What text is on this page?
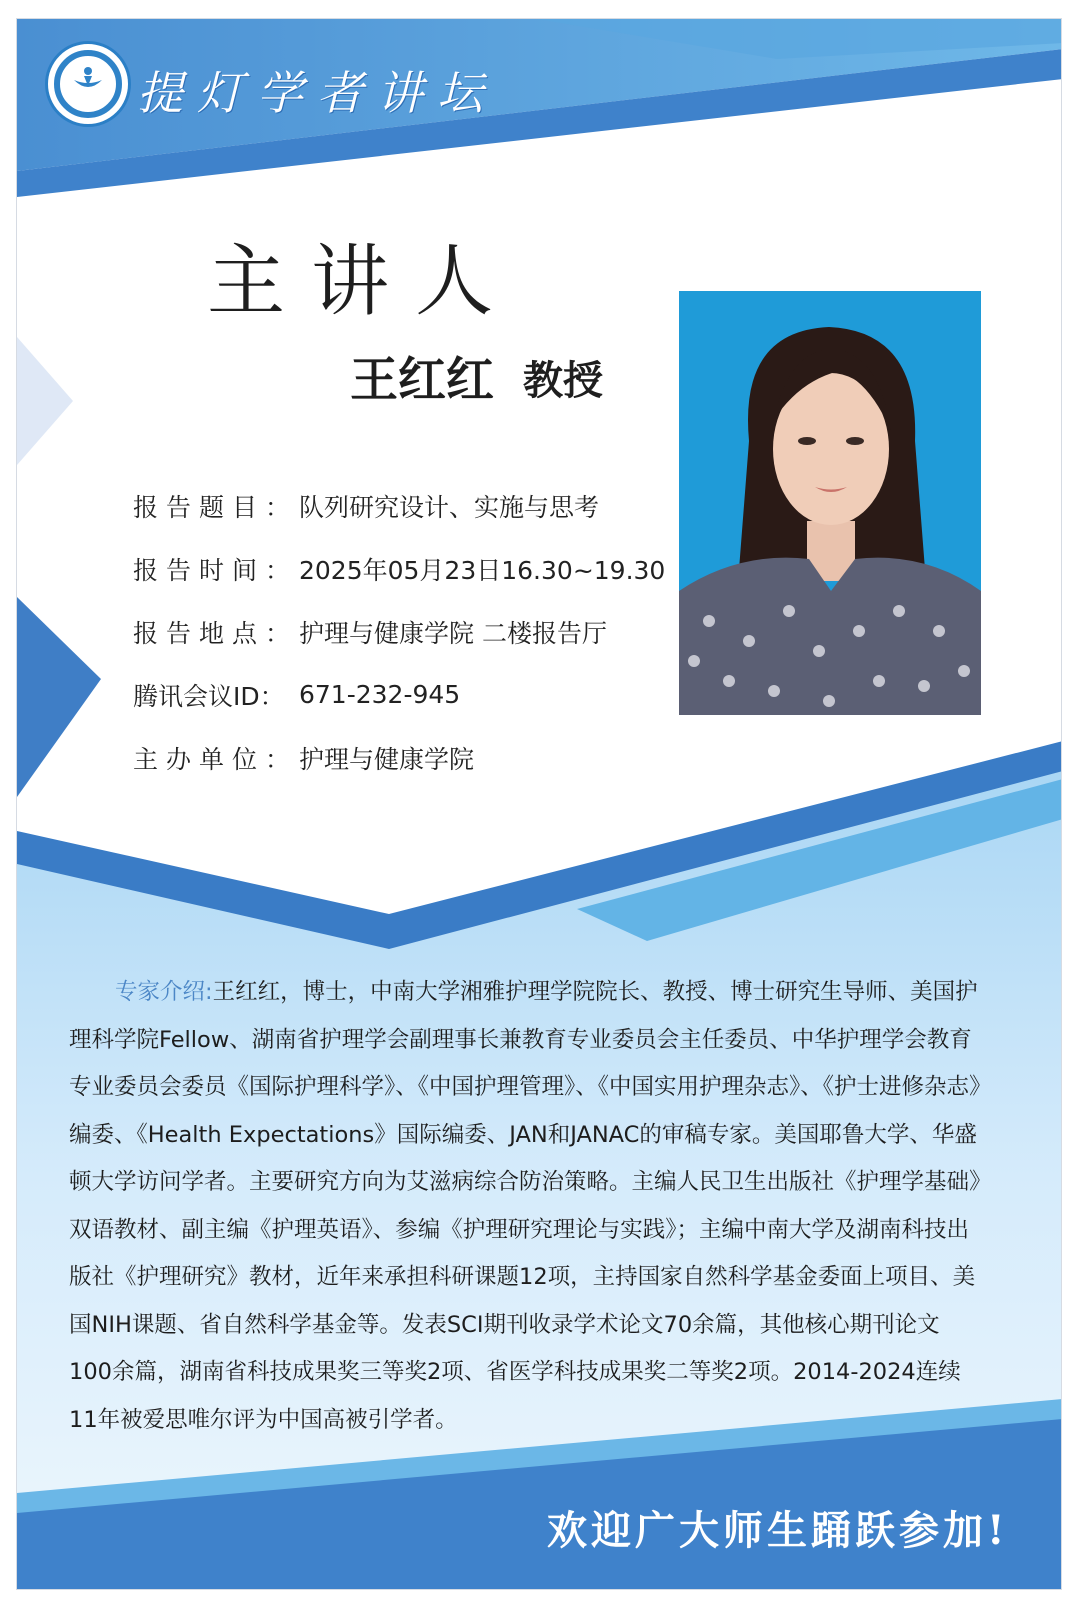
提灯学者讲坛
主讲人
王红红 教授
报告题目： 队列研究设计、实施与思考
报告时间： 2025年05月23日16.30~19.30
报告地点： 护理与健康学院 二楼报告厅
腾讯会议ID： 671-232-945
主办单位： 护理与健康学院
专家介绍:王红红，博士，中南大学湘雅护理学院院长、教授、博士研究生导师、美国护理科学院Fellow、湖南省护理学会副理事长兼教育专业委员会主任委员、中华护理学会教育专业委员会委员《国际护理科学》、《中国护理管理》、《中国实用护理杂志》、《护士进修杂志》编委、《Health Expectations》国际编委、JAN和JANAC的审稿专家。美国耶鲁大学、华盛顿大学访问学者。主要研究方向为艾滋病综合防治策略。主编人民卫生出版社《护理学基础》双语教材、副主编《护理英语》、参编《护理研究理论与实践》；主编中南大学及湖南科技出版社《护理研究》教材，近年来承担科研课题12项，主持国家自然科学基金委面上项目、美国NIH课题、省自然科学基金等。发表SCI期刊收录学术论文70余篇，其他核心期刊论文100余篇，湖南省科技成果奖三等奖2项、省医学科技成果奖二等奖2项。2014-2024连续11年被爱思唯尔评为中国高被引学者。
欢迎广大师生踊跃参加!
